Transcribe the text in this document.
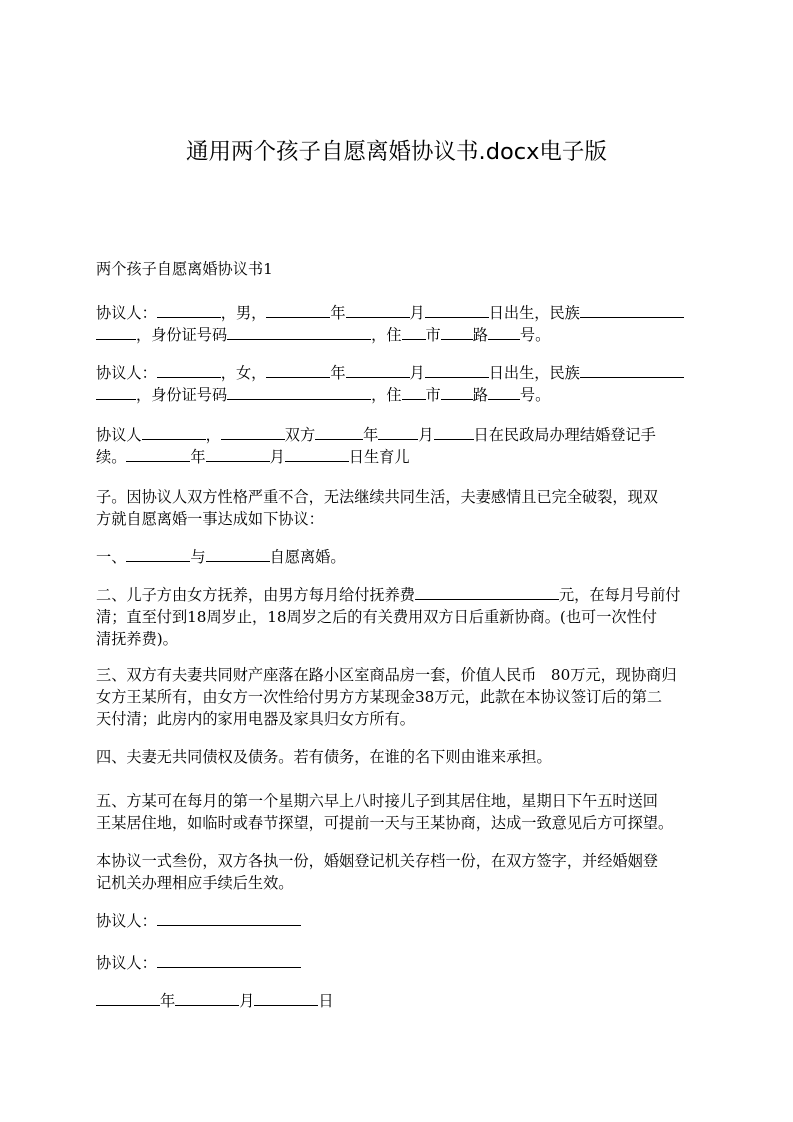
通用两个孩子自愿离婚协议书.docx电子版

两个孩子自愿离婚协议书1

协议人：	，男，	年	月	日出生，民族

，身份证号码	，住 市 路 号。

协议人：	，女，	年	月	日出生，民族

，身份证号码	，住 市 路 号。

协议人	，	双方	年	月	日在民政局办理结婚登记手

续。	年	月	日生育儿

子。因协议人双方性格严重不合，无法继续共同生活，夫妻感情且已完全破裂，现双

方就自愿离婚一事达成如下协议：

一、	与	自愿离婚。

二、儿子方由女方抚养，由男方每月给付抚养费	元，在每月号前付

清；直至付到18周岁止，18周岁之后的有关费用双方日后重新协商。(也可一次性付

清抚养费)。

三、双方有夫妻共同财产座落在路小区室商品房一套，价值人民币   80万元，现协商归

女方王某所有，由女方一次性给付男方方某现金38万元，此款在本协议签订后的第二

天付清；此房内的家用电器及家具归女方所有。

四、夫妻无共同债权及债务。若有债务，在谁的名下则由谁来承担。

五、方某可在每月的第一个星期六早上八时接儿子到其居住地，星期日下午五时送回

王某居住地，如临时或春节探望，可提前一天与王某协商，达成一致意见后方可探望。

本协议一式叁份，双方各执一份，婚姻登记机关存档一份，在双方签字，并经婚姻登

记机关办理相应手续后生效。

协议人：

协议人：

年	月	日
